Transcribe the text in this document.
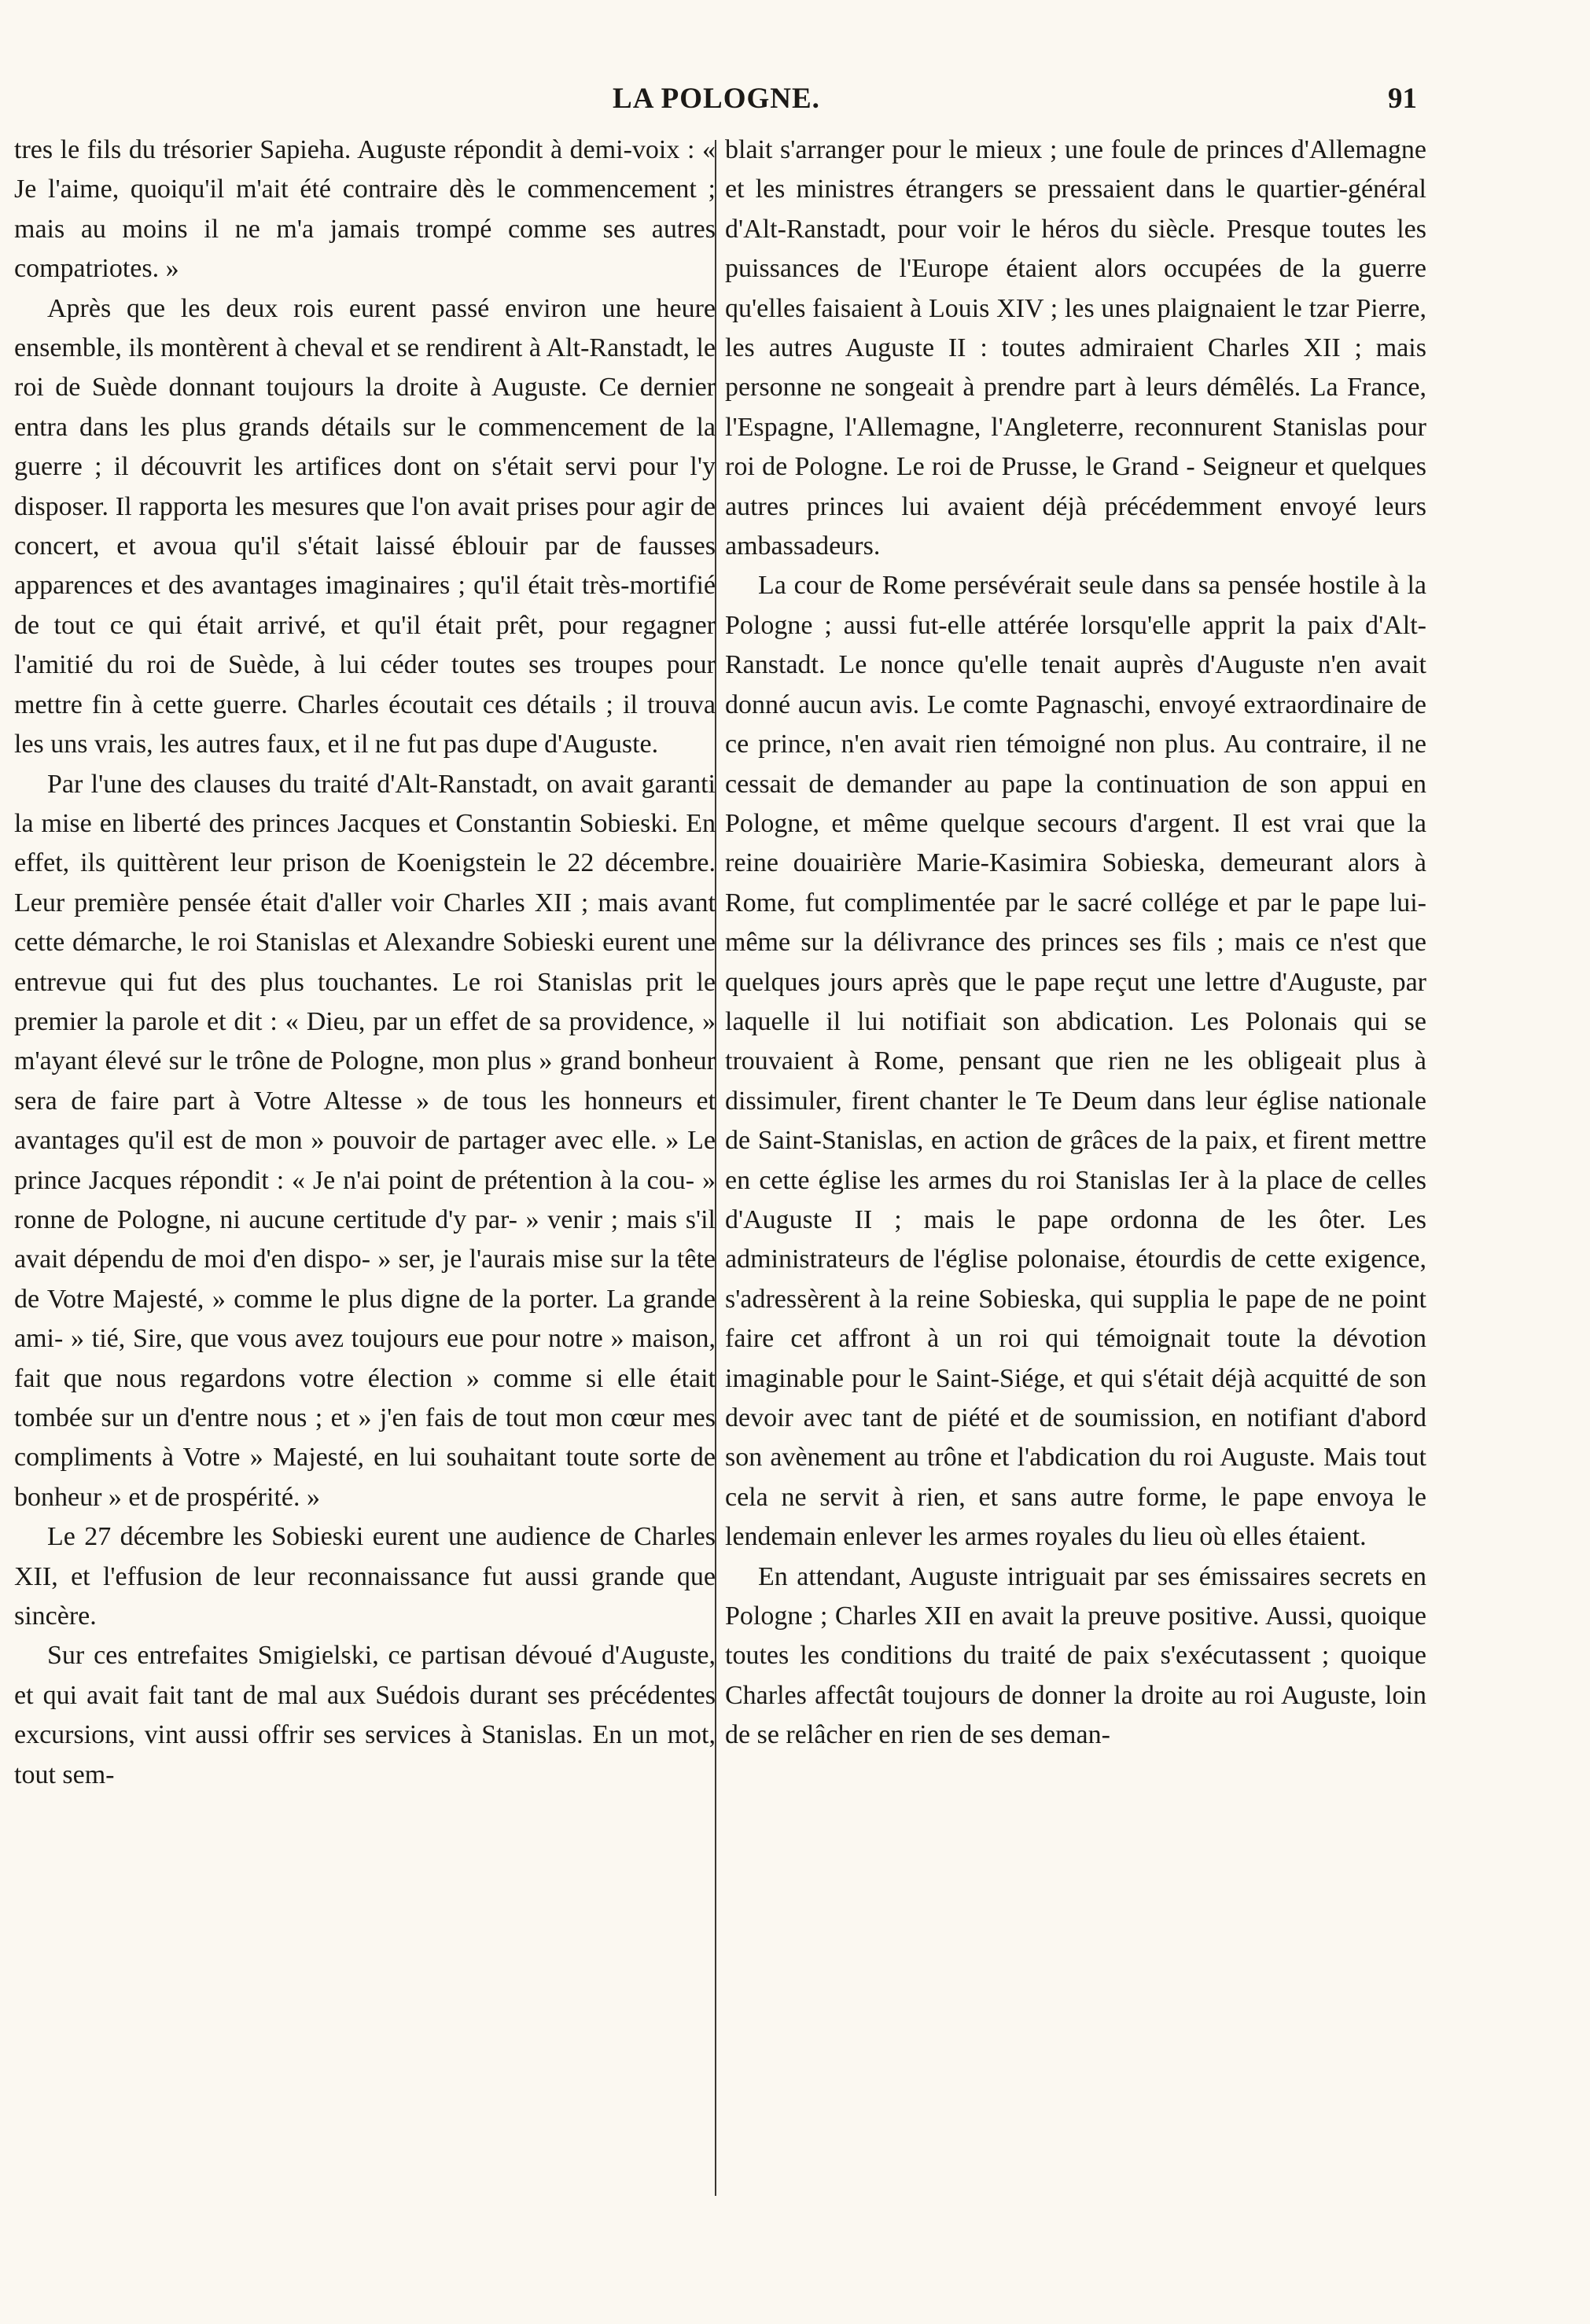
LA POLOGNE.	91

tres le fils du trésorier Sapieha. Auguste répondit à demi-voix : « Je l'aime, quoiqu'il m'ait été contraire dès le commencement ; mais au moins il ne m'a jamais trompé comme ses autres compatriotes. »

Après que les deux rois eurent passé environ une heure ensemble, ils montèrent à cheval et se rendirent à Alt-Ranstadt, le roi de Suède donnant toujours la droite à Auguste. Ce dernier entra dans les plus grands détails sur le commencement de la guerre ; il découvrit les artifices dont on s'était servi pour l'y disposer. Il rapporta les mesures que l'on avait prises pour agir de concert, et avoua qu'il s'était laissé éblouir par de fausses apparences et des avantages imaginaires ; qu'il était très-mortifié de tout ce qui était arrivé, et qu'il était prêt, pour regagner l'amitié du roi de Suède, à lui céder toutes ses troupes pour mettre fin à cette guerre. Charles écoutait ces détails ; il trouva les uns vrais, les autres faux, et il ne fut pas dupe d'Auguste.

Par l'une des clauses du traité d'Alt-Ranstadt, on avait garanti la mise en liberté des princes Jacques et Constantin Sobieski. En effet, ils quittèrent leur prison de Koenigstein le 22 décembre. Leur première pensée était d'aller voir Charles XII ; mais avant cette démarche, le roi Stanislas et Alexandre Sobieski eurent une entrevue qui fut des plus touchantes. Le roi Stanislas prit le premier la parole et dit : « Dieu, par un effet de sa providence, » m'ayant élevé sur le trône de Pologne, mon plus » grand bonheur sera de faire part à Votre Altesse » de tous les honneurs et avantages qu'il est de mon » pouvoir de partager avec elle. » Le prince Jacques répondit : « Je n'ai point de prétention à la cou- » ronne de Pologne, ni aucune certitude d'y par- » venir ; mais s'il avait dépendu de moi d'en dispo- » ser, je l'aurais mise sur la tête de Votre Majesté, » comme le plus digne de la porter. La grande ami- » tié, Sire, que vous avez toujours eue pour notre » maison, fait que nous regardons votre élection » comme si elle était tombée sur un d'entre nous ; et » j'en fais de tout mon cœur mes compliments à Votre » Majesté, en lui souhaitant toute sorte de bonheur » et de prospérité. »

Le 27 décembre les Sobieski eurent une audience de Charles XII, et l'effusion de leur reconnaissance fut aussi grande que sincère.

Sur ces entrefaites Smigielski, ce partisan dévoué d'Auguste, et qui avait fait tant de mal aux Suédois durant ses précédentes excursions, vint aussi offrir ses services à Stanislas. En un mot, tout sem-

blait s'arranger pour le mieux ; une foule de princes d'Allemagne et les ministres étrangers se pressaient dans le quartier-général d'Alt-Ranstadt, pour voir le héros du siècle. Presque toutes les puissances de l'Europe étaient alors occupées de la guerre qu'elles faisaient à Louis XIV ; les unes plaignaient le tzar Pierre, les autres Auguste II : toutes admiraient Charles XII ; mais personne ne songeait à prendre part à leurs démêlés. La France, l'Espagne, l'Allemagne, l'Angleterre, reconnurent Stanislas pour roi de Pologne. Le roi de Prusse, le Grand - Seigneur et quelques autres princes lui avaient déjà précédemment envoyé leurs ambassadeurs.

La cour de Rome persévérait seule dans sa pensée hostile à la Pologne ; aussi fut-elle attérée lorsqu'elle apprit la paix d'Alt-Ranstadt. Le nonce qu'elle tenait auprès d'Auguste n'en avait donné aucun avis. Le comte Pagnaschi, envoyé extraordinaire de ce prince, n'en avait rien témoigné non plus. Au contraire, il ne cessait de demander au pape la continuation de son appui en Pologne, et même quelque secours d'argent. Il est vrai que la reine douairière Marie-Kasimira Sobieska, demeurant alors à Rome, fut complimentée par le sacré collége et par le pape lui-même sur la délivrance des princes ses fils ; mais ce n'est que quelques jours après que le pape reçut une lettre d'Auguste, par laquelle il lui notifiait son abdication. Les Polonais qui se trouvaient à Rome, pensant que rien ne les obligeait plus à dissimuler, firent chanter le Te Deum dans leur église nationale de Saint-Stanislas, en action de grâces de la paix, et firent mettre en cette église les armes du roi Stanislas Ier à la place de celles d'Auguste II ; mais le pape ordonna de les ôter. Les administrateurs de l'église polonaise, étourdis de cette exigence, s'adressèrent à la reine Sobieska, qui supplia le pape de ne point faire cet affront à un roi qui témoignait toute la dévotion imaginable pour le Saint-Siége, et qui s'était déjà acquitté de son devoir avec tant de piété et de soumission, en notifiant d'abord son avènement au trône et l'abdication du roi Auguste. Mais tout cela ne servit à rien, et sans autre forme, le pape envoya le lendemain enlever les armes royales du lieu où elles étaient.

En attendant, Auguste intriguait par ses émissaires secrets en Pologne ; Charles XII en avait la preuve positive. Aussi, quoique toutes les conditions du traité de paix s'exécutassent ; quoique Charles affectât toujours de donner la droite au roi Auguste, loin de se relâcher en rien de ses deman-
